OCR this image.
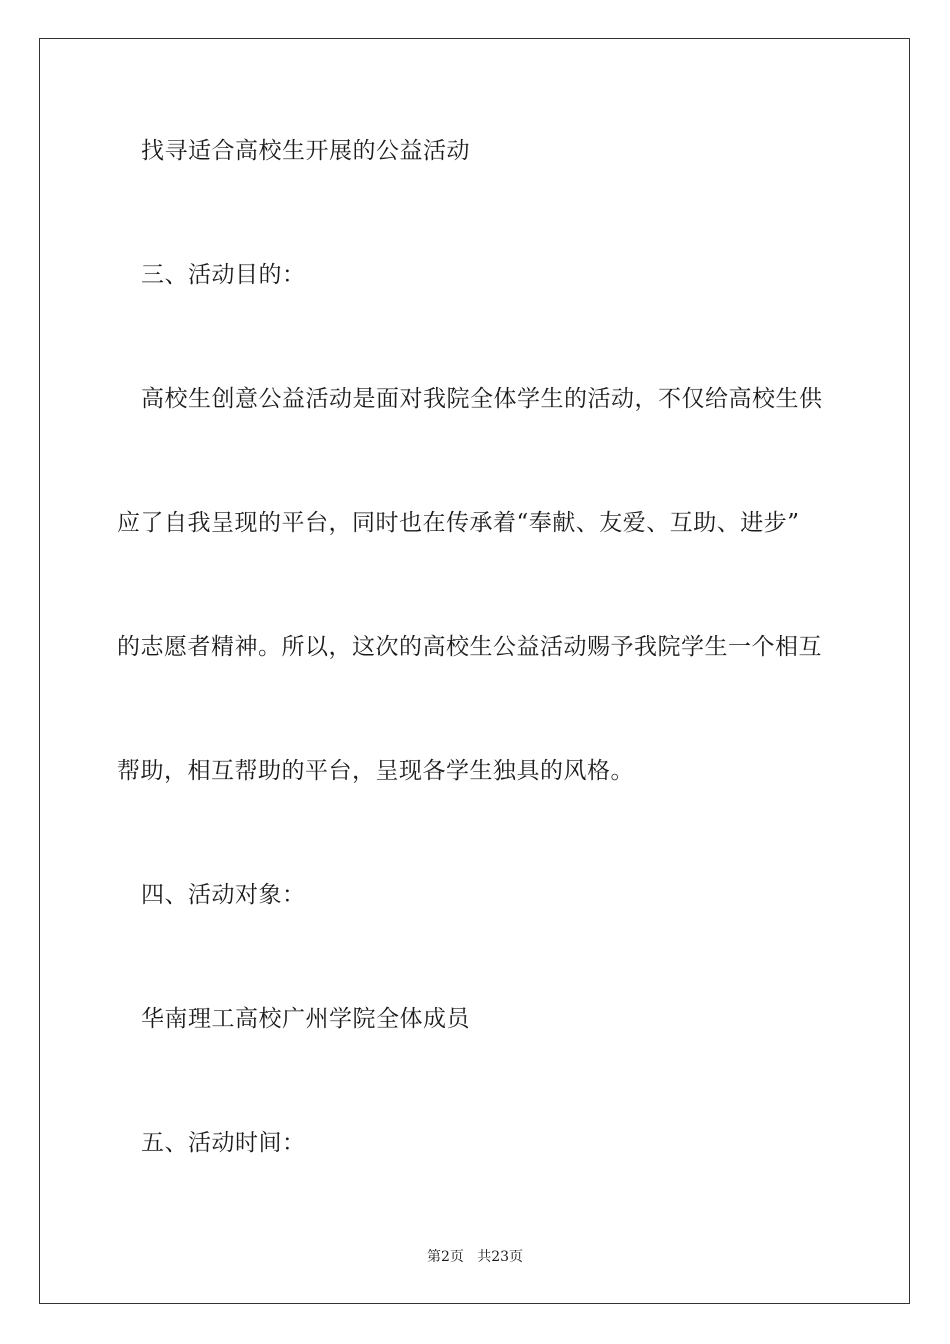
找寻适合高校生开展的公益活动
三、活动目的：
高校生创意公益活动是面对我院全体学生的活动，不仅给高校生供
应了自我呈现的平台，同时也在传承着“奉献、友爱、互助、进步”
的志愿者精神。所以，这次的高校生公益活动赐予我院学生一个相互
帮助，相互帮助的平台，呈现各学生独具的风格。
四、活动对象：
华南理工高校广州学院全体成员
五、活动时间：
第2页   共23页
